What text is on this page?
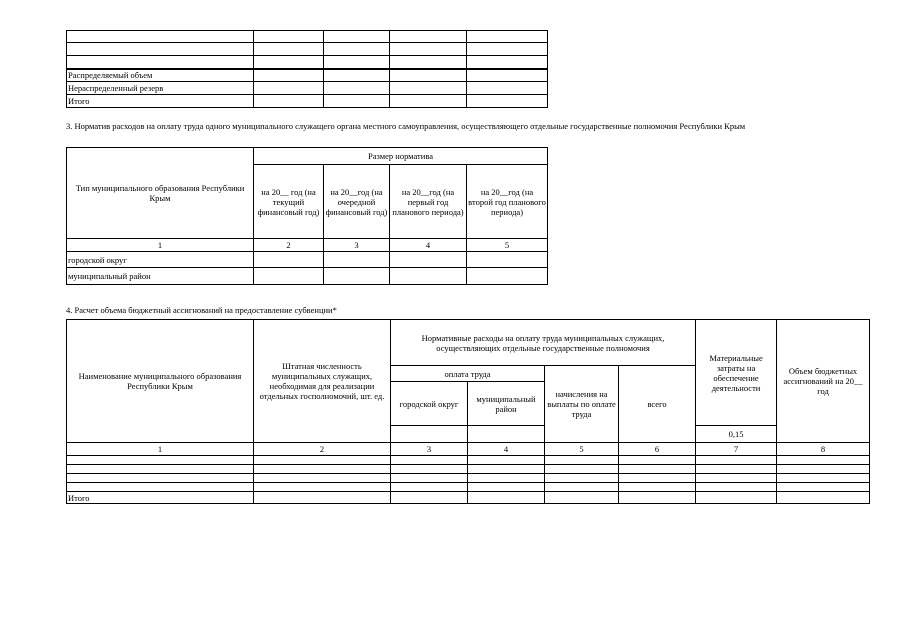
Распределяемый объем				
Нераспределенный резерв				
Итого				
3. Норматив расходов на оплату труда одного муниципального служащего органа местного самоуправления, осуществляющего отдельные государственные полномочия Республики Крым
Тип муниципального образования Республики Крым	Размер норматива			
	на 20__ год (на текущий финансовый год)	на 20__год (на очередной финансовый год)	на 20__год (на первый год планового периода)	на 20__год (на второй год планового периода)
1	2	3	4	5
городской округ				
муниципальный район				
4. Расчет объема бюджетный ассигнований на предоставление субвенции*
Наименование муниципального образования Республики Крым	Штатная численность муниципальных служащих, необходимая для реализации отдельных госполномочий, шт. ед.	Нормативные расходы на оплату труда муниципальных служащих, осуществляющих отдельные государственные полномочия				Материальные затраты на обеспечение деятельности	Объем бюджетных ассигнований на 20__ год
		оплата труда		начисления на выплаты по оплате труда	всего		
		городской округ	муниципальный район				
						0,15	
1	2	3	4	5	6	7	8

Итого							
